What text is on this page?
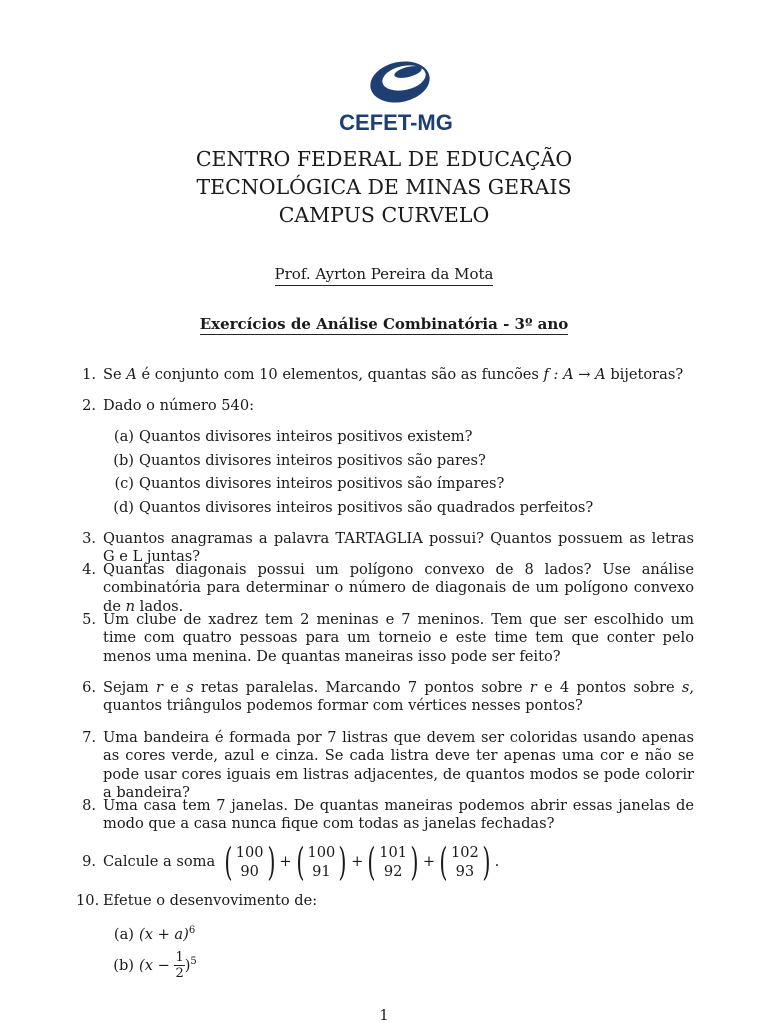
CEFET-MG
CENTRO FEDERAL DE EDUCAÇÃO
TECNOLÓGICA DE MINAS GERAIS
CAMPUS CURVELO
Prof. Ayrton Pereira da Mota
Exercícios de Análise Combinatória - 3º ano
1. Se A é conjunto com 10 elementos, quantas são as funcões f : A → A bijetoras?
2. Dado o número 540:
(a) Quantos divisores inteiros positivos existem?
(b) Quantos divisores inteiros positivos são pares?
(c) Quantos divisores inteiros positivos são ímpares?
(d) Quantos divisores inteiros positivos são quadrados perfeitos?
3. Quantos anagramas a palavra TARTAGLIA possui? Quantos possuem as letras G e L juntas?
4. Quantas diagonais possui um polígono convexo de 8 lados? Use análise combinatória para determinar o número de diagonais de um polígono convexo de n lados.
5. Um clube de xadrez tem 2 meninas e 7 meninos. Tem que ser escolhido um time com quatro pessoas para um torneio e este time tem que conter pelo menos uma menina. De quantas maneiras isso pode ser feito?
6. Sejam r e s retas paralelas. Marcando 7 pontos sobre r e 4 pontos sobre s, quantos triângulos podemos formar com vértices nesses pontos?
7. Uma bandeira é formada por 7 listras que devem ser coloridas usando apenas as cores verde, azul e cinza. Se cada listra deve ter apenas uma cor e não se pode usar cores iguais em listras adjacentes, de quantos modos se pode colorir a bandeira?
8. Uma casa tem 7 janelas. De quantas maneiras podemos abrir essas janelas de modo que a casa nunca fique com todas as janelas fechadas?
9. Calcule a soma ( 100
90 ) + ( 100
91 ) + ( 101
92 ) + ( 102
93 ) .
10. Efetue o desenvovimento de:
(a) $(x + a)^6$
(b) $(x - \frac{1}{2} )^5$
1
